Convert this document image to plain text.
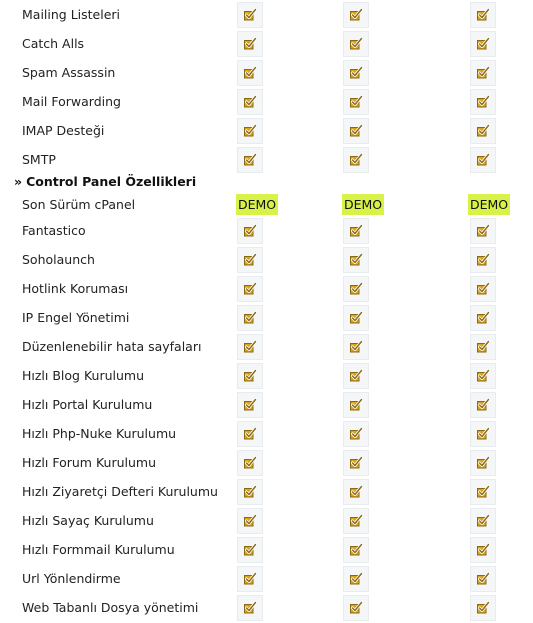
Mailing Listeleri
Catch Alls
Spam Assassin
Mail Forwarding
IMAP Desteği
SMTP
» Control Panel Özellikleri
Son Sürüm cPanel	DEMO	DEMO	DEMO
Fantastico
Soholaunch
Hotlink Koruması
IP Engel Yönetimi
Düzenlenebilir hata sayfaları
Hızlı Blog Kurulumu
Hızlı Portal Kurulumu
Hızlı Php-Nuke Kurulumu
Hızlı Forum Kurulumu
Hızlı Ziyaretçi Defteri Kurulumu
Hızlı Sayaç Kurulumu
Hızlı Formmail Kurulumu
Url Yönlendirme
Web Tabanlı Dosya yönetimi
